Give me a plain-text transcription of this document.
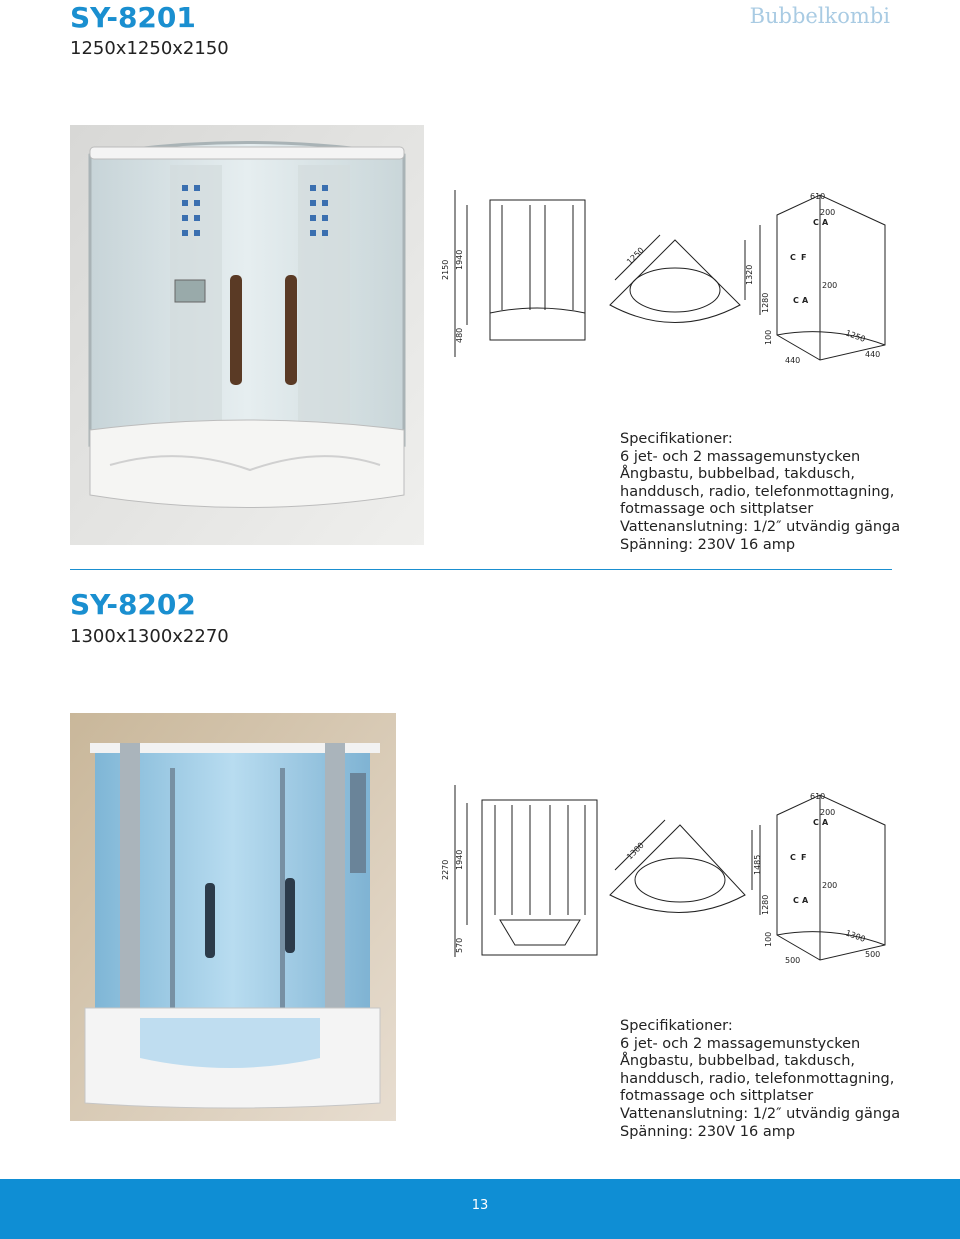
SY-8201
1250x1250x2150
Bubbelkombi
2150 1940
480
1250
1320
610
200
1280
200
100	1250
440
440
C
F
C
A
C
A
Specifikationer:
6 jet- och 2 massagemunstycken
Ångbastu, bubbelbad, takdusch,
handdusch, radio, telefonmottagning,
fotmassage och sittplatser
Vattenanslutning: 1/2″ utvändig gänga
Spänning: 230V 16 amp
SY-8202
1300x1300x2270
2270 1940
570
1300
1485
610
200
1280
200
100	1300
500
500
C
F
C
A
C
A
Specifikationer:
6 jet- och 2 massagemunstycken
Ångbastu, bubbelbad, takdusch,
handdusch, radio, telefonmottagning,
fotmassage och sittplatser
Vattenanslutning: 1/2″ utvändig gänga
Spänning: 230V 16 amp
13
